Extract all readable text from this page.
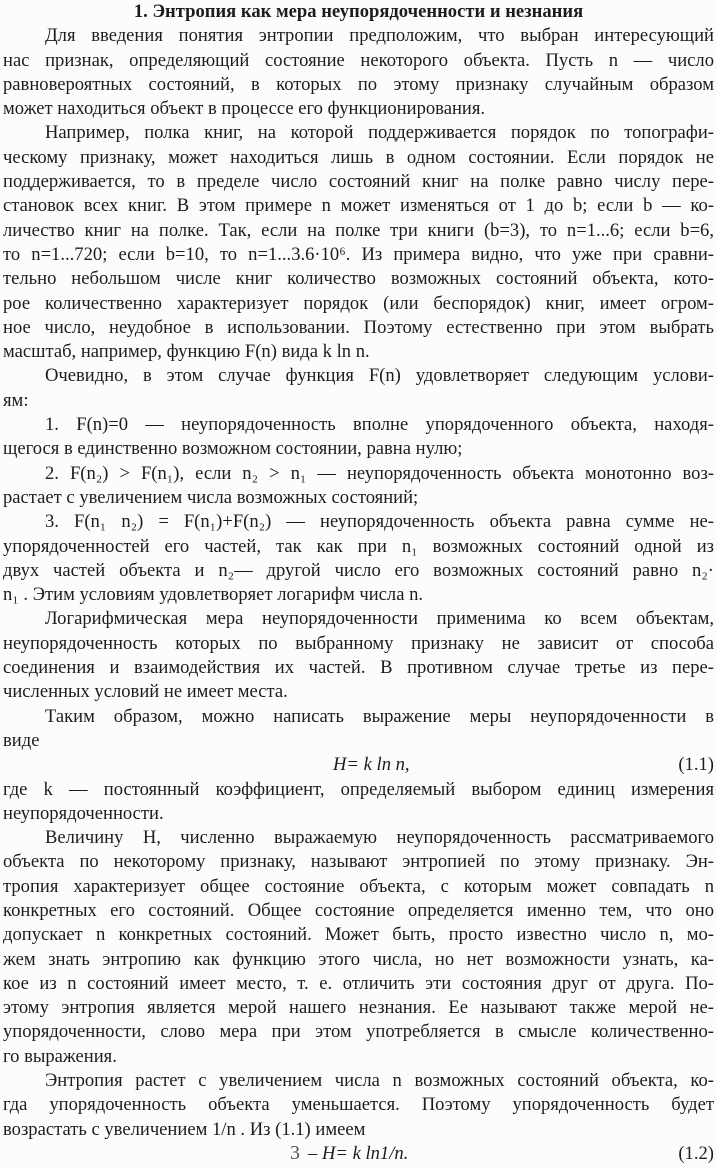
1. Энтропия как мера неупорядоченности и незнания
Для введения понятия энтропии предположим, что выбран интересующий
нас признак, определяющий состояние некоторого объекта. Пусть n — число
равновероятных состояний, в которых по этому признаку случайным образом
может находиться объект в процессе его функционирования.
Например, полка книг, на которой поддерживается порядок по топографи-
ческому признаку, может находиться лишь в одном состоянии. Если порядок не
поддерживается, то в пределе число состояний книг на полке равно числу пере-
становок всех книг. В этом примере n может изменяться от 1 до b; если b — ко-
личество книг на полке. Так, если на полке три книги (b=3), то n=1...6; если b=6,
то n=1...720; если b=10, то n=1...3.6·10⁶. Из примера видно, что уже при сравни-
тельно небольшом числе книг количество возможных состояний объекта, кото-
рое количественно характеризует порядок (или беспорядок) книг, имеет огром-
ное число, неудобное в использовании. Поэтому естественно при этом выбрать
масштаб, например, функцию F(n) вида k ln n.
Очевидно, в этом случае функция F(n) удовлетворяет следующим услови-
ям:
1. F(n)=0 — неупорядоченность вполне упорядоченного объекта, находя-
щегося в единственно возможном состоянии, равна нулю;
2. F(n₂) > F(n₁), если n₂ > n₁ — неупорядоченность объекта монотонно воз-
растает с увеличением числа возможных состояний;
3. F(n₁ n₂) = F(n₁)+F(n₂) — неупорядоченность объекта равна сумме не-
упорядоченностей его частей, так как при n₁ возможных состояний одной из
двух частей объекта и n₂— другой число его возможных состояний равно n₂·
n₁ . Этим условиям удовлетворяет логарифм числа n.
Логарифмическая мера неупорядоченности применима ко всем объектам,
неупорядоченность которых по выбранному признаку не зависит от способа
соединения и взаимодействия их частей. В противном случае третье из пере-
численных условий не имеет места.
Таким образом, можно написать выражение меры неупорядоченности в
виде
H= k ln n,	(1.1)
где k — постоянный коэффициент, определяемый выбором единиц измерения
неупорядоченности.
Величину H, численно выражаемую неупорядоченность рассматриваемого
объекта по некоторому признаку, называют энтропией по этому признаку. Эн-
тропия характеризует общее состояние объекта, с которым может совпадать n
конкретных его состояний. Общее состояние определяется именно тем, что оно
допускает n конкретных состояний. Может быть, просто известно число n, мо-
жем знать энтропию как функцию этого числа, но нет возможности узнать, ка-
кое из n состояний имеет место, т. е. отличить эти состояния друг от друга. По-
этому энтропия является мерой нашего незнания. Ее называют также мерой не-
упорядоченности, слово мера при этом употребляется в смысле количественно-
го выражения.
Энтропия растет с увеличением числа n возможных состояний объекта, ко-
гда упорядоченность объекта уменьшается. Поэтому упорядоченность будет
возрастать с увеличением 1/n . Из (1.1) имеем
– H= k ln1/n.	(1.2)
3
